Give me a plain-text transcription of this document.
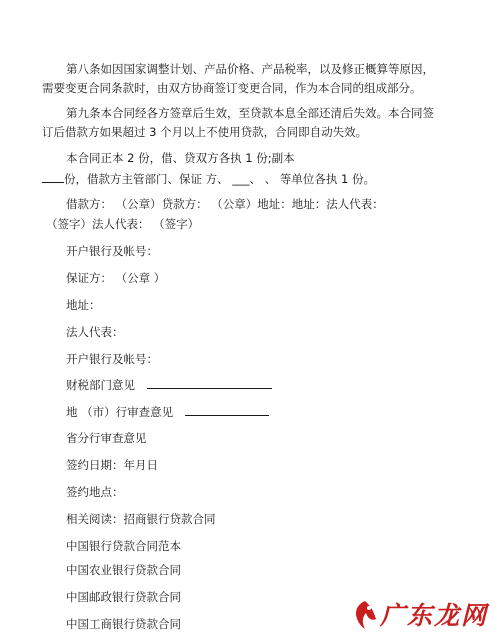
第八条如因国家调整计划、产品价格、产品税率，以及修正概算等原因，
需要变更合同条款时，由双方协商签订变更合同，作为本合同的组成部分。
第九条本合同经各方签章后生效，至贷款本息全部还清后失效。本合同签
订后借款方如果超过 3 个月以上不使用贷款，合同即自动失效。
本合同正本 2 份，借、贷双方各执 1 份;副本
份，借款方主管部门、保证 方、 ___、 、 等单位各执 1 份。
借款方： （公章）贷款方： （公章）地址：地址：法人代表：
（签字）法人代表： （签字）
开户银行及帐号：
保证方： （公章 ）
地址：
法人代表：
开户银行及帐号：
财税部门意见
地 （市）行审查意见
省分行审查意见
签约日期：年月日
签约地点：
相关阅读：招商银行贷款合同
中国银行贷款合同范本
中国农业银行贷款合同
中国邮政银行贷款合同
中国工商银行贷款合同	广东龙网
